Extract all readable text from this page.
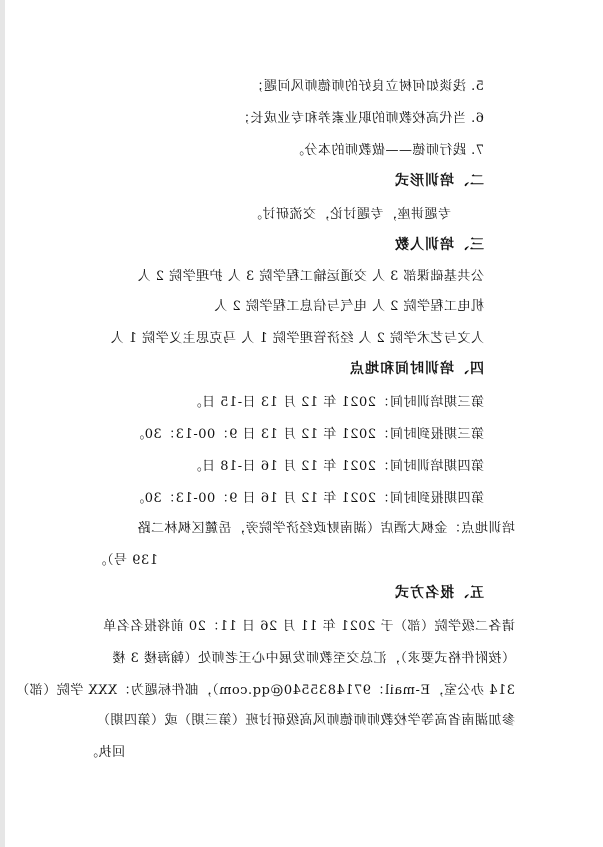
5. 浅谈如何树立良好的师德师风问题；
6. 当代高校教师的职业素养和专业成长；
7. 践行师德——做教师的本分。
二、培训形式
专题讲座，专题讨论，交流研讨。
三、培训人数
公共基础课部 3 人 交通运输工程学院 3 人 护理学院 2 人
机电工程学院 2 人 电气与信息工程学院 2 人
人文与艺术学院 2 人 经济管理学院 1 人 马克思主义学院 1 人
四、培训时间和地点
第三期培训时间：2021 年 12 月 13 日-15 日。
第三期报到时间：2021 年 12 月 13 日 9：00-13：30。
第四期培训时间：2021 年 12 月 16 日-18 日。
第四期报到时间：2021 年 12 月 16 日 9：00-13：30。
培训地点：金枫大酒店（湖南财政经济学院旁，岳麓区枫林二路
139 号）。
五、报名方式
请各二级学院（部）于 2021 年 11 月 26 日 11：20 前将报名名单
（按附件格式要求），汇总交至教师发展中心王老师处（翰海楼 3 楼
314 办公室，E-mail：9714835540@qq.com），邮件标题为：XXX 学院（部）
参加湖南省高等学校教师师德师风高级研讨班（第三期）或（第四期）
回执。
